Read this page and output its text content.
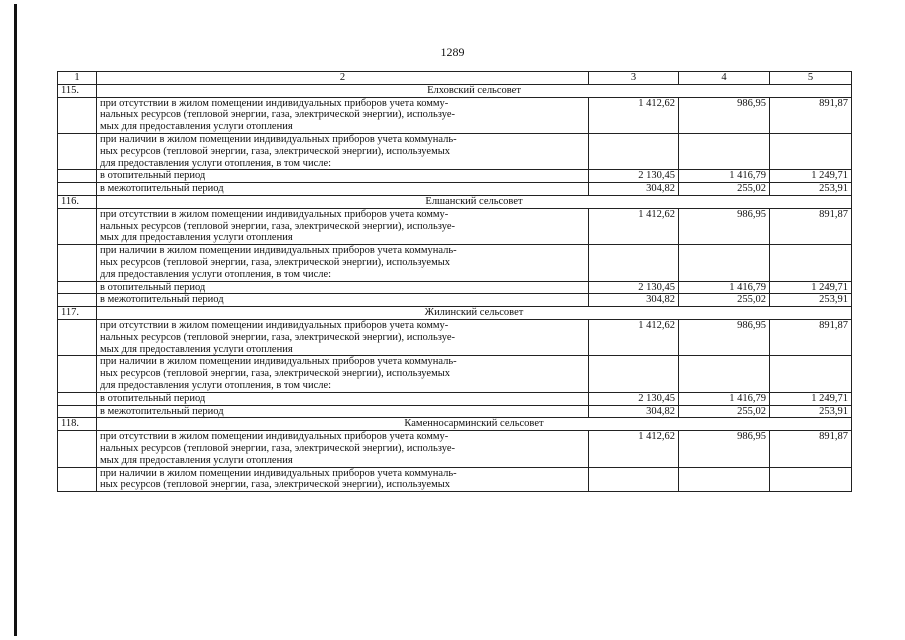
1289
1	2	3	4	5
115.	Елховский сельсовет			

	при отсутствии в жилом помещении индивидуальных приборов учета комму-
нальных ресурсов (тепловой энергии, газа, электрической энергии), используе-
мых для предоставления услуги отопления	1 412,62	986,95	891,87

	при наличии в жилом помещении индивидуальных приборов учета коммуналь-
ных ресурсов (тепловой энергии, газа, электрической энергии), используемых
для предоставления услуги отопления, в том числе:			

	в отопительный период	2 130,45	1 416,79	1 249,71
	в межотопительный период	304,82	255,02	253,91
116.	Елшанский сельсовет			

	при отсутствии в жилом помещении индивидуальных приборов учета комму-
нальных ресурсов (тепловой энергии, газа, электрической энергии), используе-
мых для предоставления услуги отопления	1 412,62	986,95	891,87

	при наличии в жилом помещении индивидуальных приборов учета коммуналь-
ных ресурсов (тепловой энергии, газа, электрической энергии), используемых
для предоставления услуги отопления, в том числе:			

	в отопительный период	2 130,45	1 416,79	1 249,71
	в межотопительный период	304,82	255,02	253,91
117.	Жилинский сельсовет			

	при отсутствии в жилом помещении индивидуальных приборов учета комму-
нальных ресурсов (тепловой энергии, газа, электрической энергии), используе-
мых для предоставления услуги отопления	1 412,62	986,95	891,87

	при наличии в жилом помещении индивидуальных приборов учета коммуналь-
ных ресурсов (тепловой энергии, газа, электрической энергии), используемых
для предоставления услуги отопления, в том числе:			

	в отопительный период	2 130,45	1 416,79	1 249,71
	в межотопительный период	304,82	255,02	253,91
118.	Каменносарминский сельсовет			

	при отсутствии в жилом помещении индивидуальных приборов учета комму-
нальных ресурсов (тепловой энергии, газа, электрической энергии), используе-
мых для предоставления услуги отопления	1 412,62	986,95	891,87

	при наличии в жилом помещении индивидуальных приборов учета коммуналь-
ных ресурсов (тепловой энергии, газа, электрической энергии), используемых			
